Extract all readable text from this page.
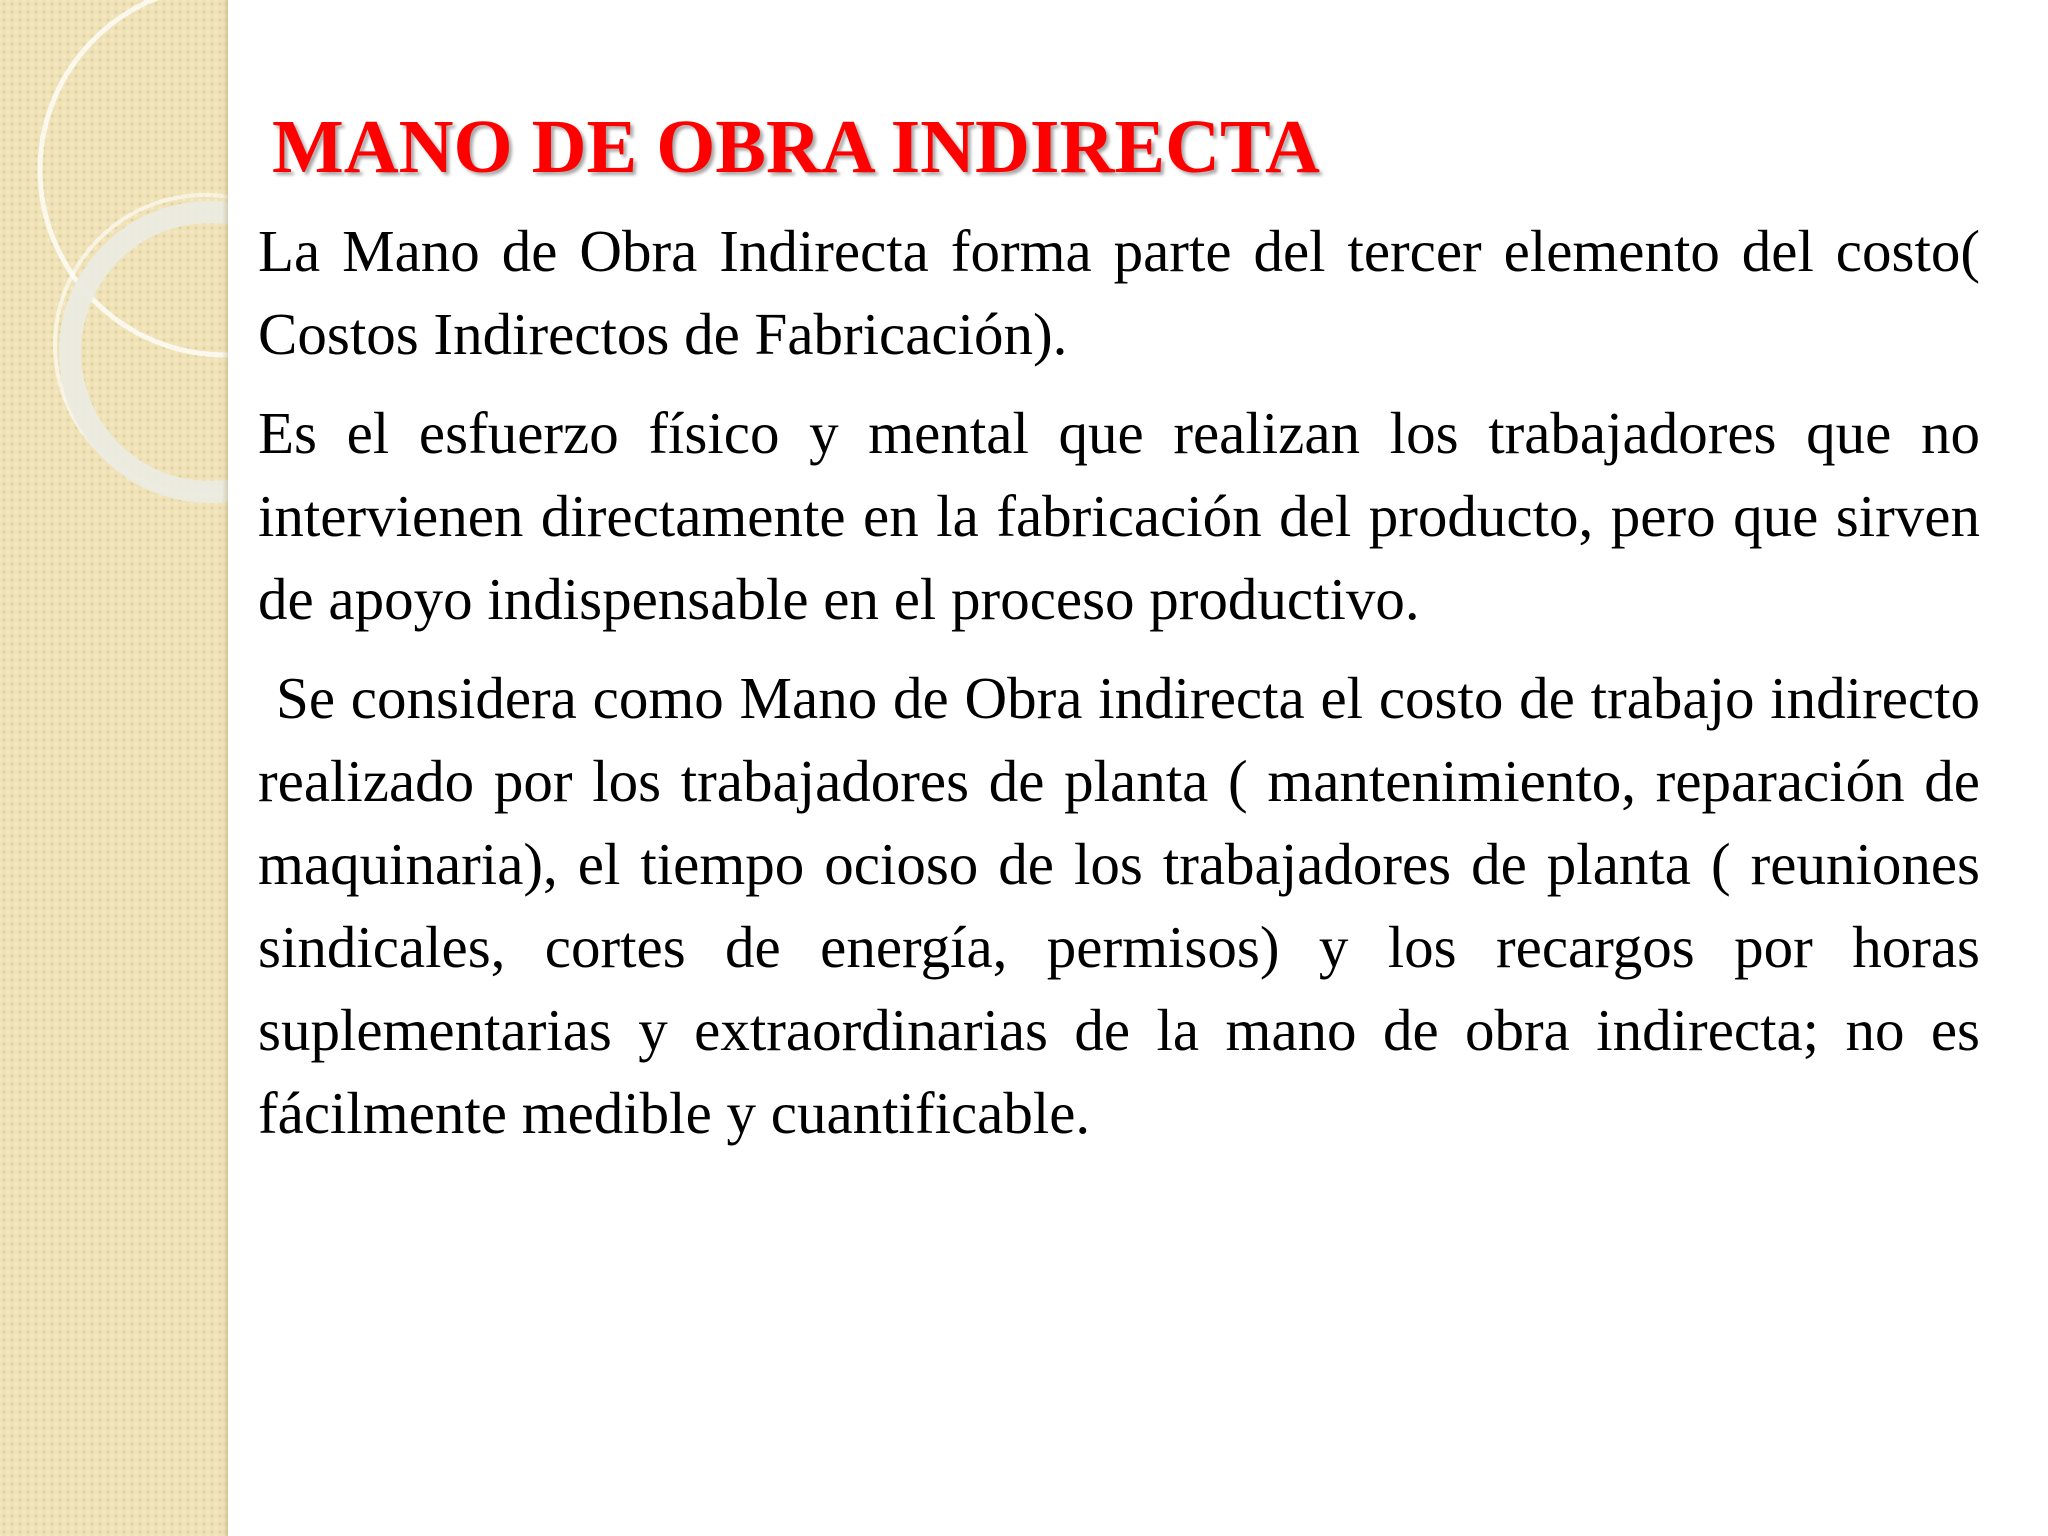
MANO DE OBRA INDIRECTA

La Mano de Obra Indirecta forma parte del tercer elemento del costo( Costos Indirectos de Fabricación).

Es el esfuerzo físico y mental que realizan los trabajadores que no intervienen directamente en la fabricación del producto, pero que sirven de apoyo indispensable en el proceso productivo.

Se considera como Mano de Obra indirecta el costo de trabajo indirecto realizado por los trabajadores de planta ( mantenimiento, reparación de maquinaria), el tiempo ocioso de los trabajadores de planta ( reuniones sindicales, cortes de energía, permisos) y los recargos por horas suplementarias y extraordinarias de la mano de obra indirecta; no es fácilmente medible y cuantificable.
